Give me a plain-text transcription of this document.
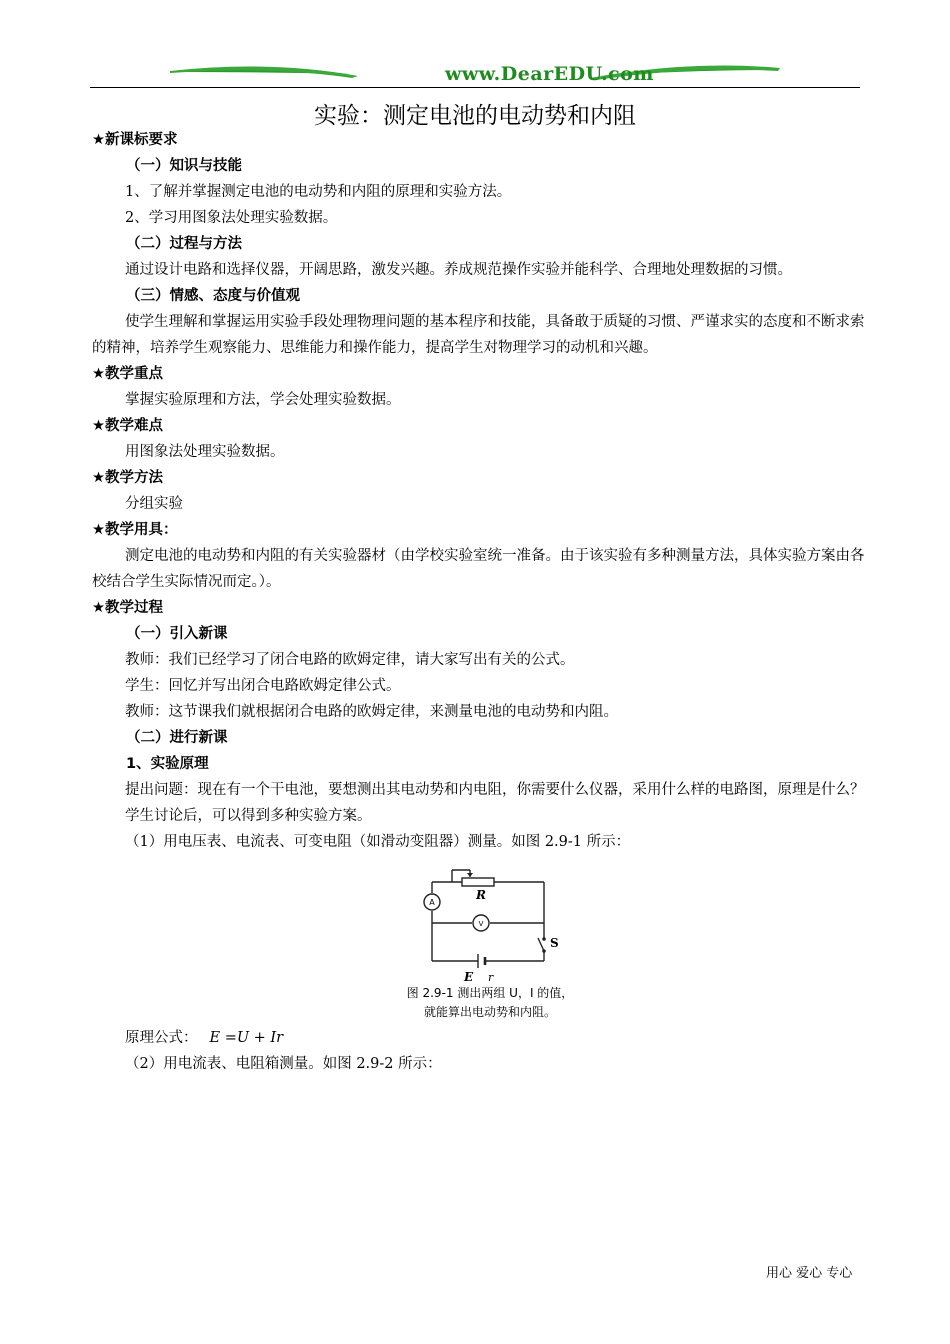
www.DearEDU.com
实验：测定电池的电动势和内阻

★新课标要求

（一）知识与技能

1、了解并掌握测定电池的电动势和内阻的原理和实验方法。

2、学习用图象法处理实验数据。

（二）过程与方法

通过设计电路和选择仪器，开阔思路，激发兴趣。养成规范操作实验并能科学、合理地处理数据的习惯。

（三）情感、态度与价值观

使学生理解和掌握运用实验手段处理物理问题的基本程序和技能，具备敢于质疑的习惯、严谨求实的态度和不断求索的精神，培养学生观察能力、思维能力和操作能力，提高学生对物理学习的动机和兴趣。

★教学重点

掌握实验原理和方法，学会处理实验数据。

★教学难点

用图象法处理实验数据。

★教学方法

分组实验

★教学用具：

测定电池的电动势和内阻的有关实验器材（由学校实验室统一准备。由于该实验有多种测量方法，具体实验方案由各校结合学生实际情况而定。）。

★教学过程

（一）引入新课

教师：我们已经学习了闭合电路的欧姆定律，请大家写出有关的公式。

学生：回忆并写出闭合电路欧姆定律公式。

教师：这节课我们就根据闭合电路的欧姆定律，来测量电池的电动势和内阻。

（二）进行新课

1、实验原理

提出问题：现在有一个干电池，要想测出其电动势和内电阻，你需要什么仪器，采用什么样的电路图，原理是什么？

学生讨论后，可以得到多种实验方案。

（1）用电压表、电流表、可变电阻（如滑动变阻器）测量。如图 2.9-1 所示：

A
V
R
S
E r
图 2.9-1 测出两组 U，I 的值，
就能算出电动势和内阻。

原理公式： E =U + Ir

（2）用电流表、电阻箱测量。如图 2.9-2 所示：

用心 爱心 专心
